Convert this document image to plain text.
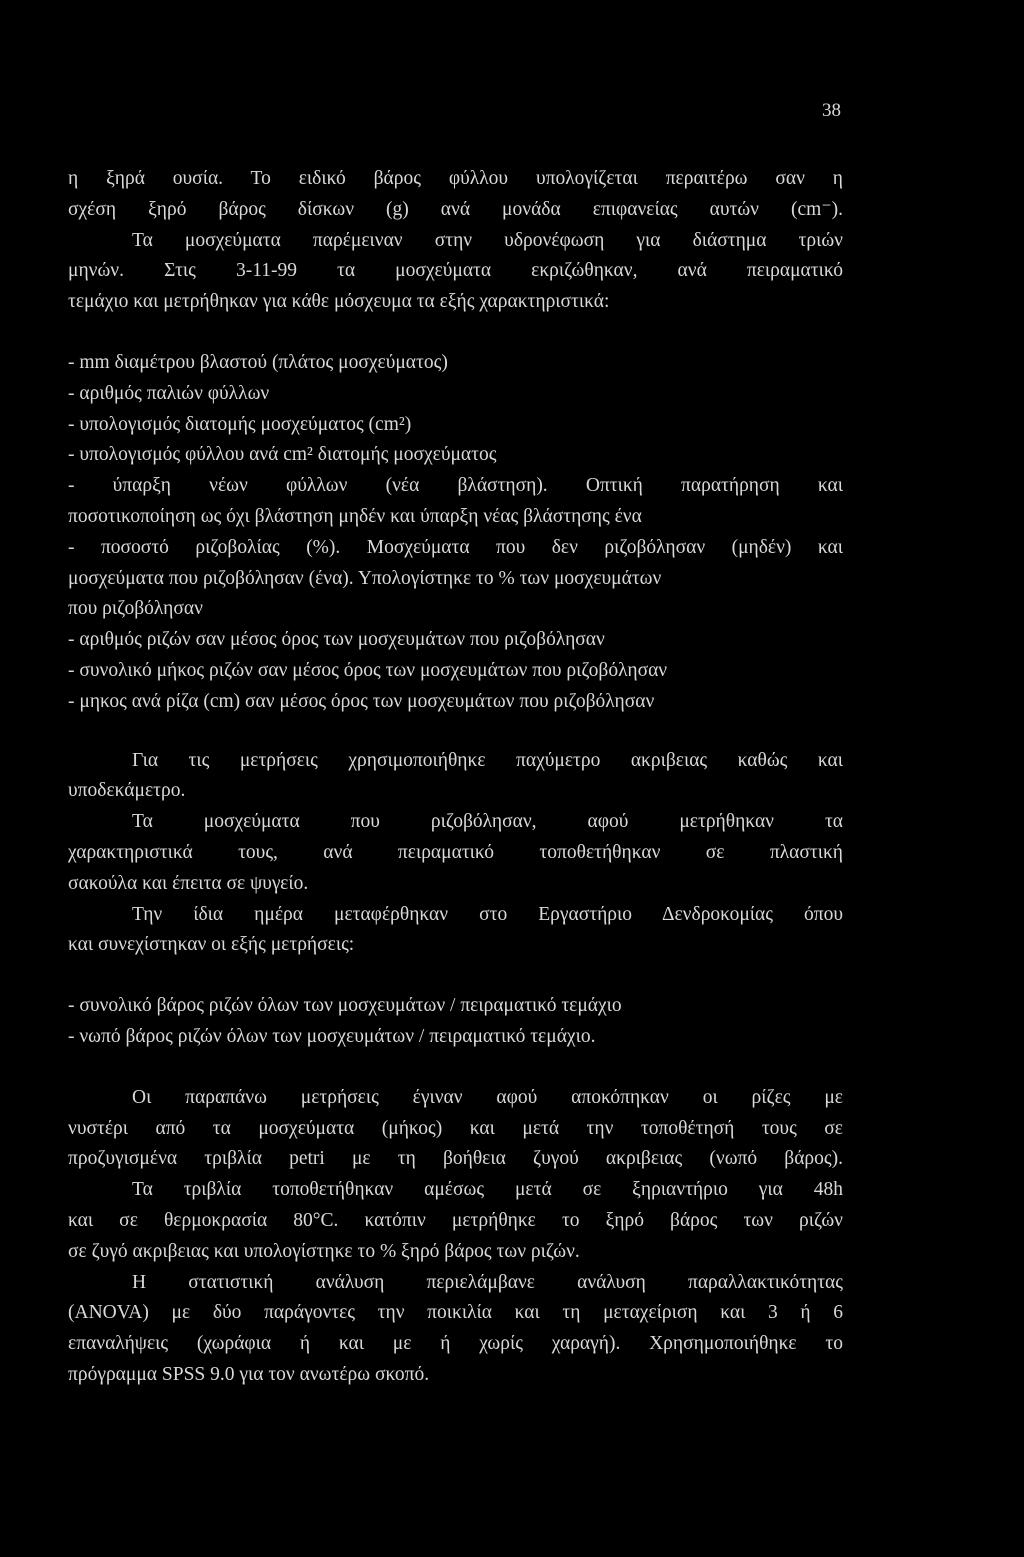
38
η ξηρά ουσία. Το ειδικό βάρος φύλλου υπολογίζεται περαιτέρω σαν η
σχέση ξηρό βάρος δίσκων (g) ανά μονάδα επιφανείας αυτών (cm⁻).
Τα μοσχεύματα παρέμειναν στην υδρονέφωση για διάστημα τριών
μηνών. Στις 3-11-99 τα μοσχεύματα εκριζώθηκαν, ανά πειραματικό
τεμάχιο και μετρήθηκαν για κάθε μόσχευμα τα εξής χαρακτηριστικά:
- mm διαμέτρου βλαστού (πλάτος μοσχεύματος)
- αριθμός παλιών φύλλων
- υπολογισμός διατομής μοσχεύματος (cm²)
- υπολογισμός φύλλου ανά cm² διατομής μοσχεύματος
- ύπαρξη νέων φύλλων (νέα βλάστηση). Οπτική παρατήρηση και
ποσοτικοποίηση ως όχι βλάστηση μηδέν και ύπαρξη νέας βλάστησης ένα
- ποσοστό ριζοβολίας (%). Μοσχεύματα που δεν ριζοβόλησαν (μηδέν) και
μοσχεύματα που ριζοβόλησαν (ένα). Υπολογίστηκε το % των μοσχευμάτων
που ριζοβόλησαν
- αριθμός ριζών σαν μέσος όρος των μοσχευμάτων που ριζοβόλησαν
- συνολικό μήκος ριζών σαν μέσος όρος των μοσχευμάτων που ριζοβόλησαν
- μηκος ανά ρίζα (cm) σαν μέσος όρος των μοσχευμάτων που ριζοβόλησαν
Για τις μετρήσεις χρησιμοποιήθηκε παχύμετρο ακριβειας καθώς και
υποδεκάμετρο.
Τα μοσχεύματα που ριζοβόλησαν, αφού μετρήθηκαν τα
χαρακτηριστικά τους, ανά πειραματικό τοποθετήθηκαν σε πλαστική
σακούλα και έπειτα σε ψυγείο.
Την ίδια ημέρα μεταφέρθηκαν στο Εργαστήριο Δενδροκομίας όπου
και συνεχίστηκαν οι εξής μετρήσεις:
- συνολικό βάρος ριζών όλων των μοσχευμάτων / πειραματικό τεμάχιο
- νωπό βάρος ριζών όλων των μοσχευμάτων / πειραματικό τεμάχιο.
Οι παραπάνω μετρήσεις έγιναν αφού αποκόπηκαν οι ρίζες με
νυστέρι από τα μοσχεύματα (μήκος) και μετά την τοποθέτησή τους σε
προζυγισμένα τριβλία petri με τη βοήθεια ζυγού ακριβειας (νωπό βάρος).
Τα τριβλία τοποθετήθηκαν αμέσως μετά σε ξηριαντήριο για 48h
και σε θερμοκρασία 80°C. κατόπιν μετρήθηκε το ξηρό βάρος των ριζών
σε ζυγό ακριβειας και υπολογίστηκε το % ξηρό βάρος των ριζών.
Η στατιστική ανάλυση περιελάμβανε ανάλυση παραλλακτικότητας
(ANOVA) με δύο παράγοντες την ποικιλία και τη μεταχείριση και 3 ή 6
επαναλήψεις (χωράφια ή και με ή χωρίς χαραγή). Χρησημοποιήθηκε το
πρόγραμμα SPSS 9.0 για τον ανωτέρω σκοπό.
